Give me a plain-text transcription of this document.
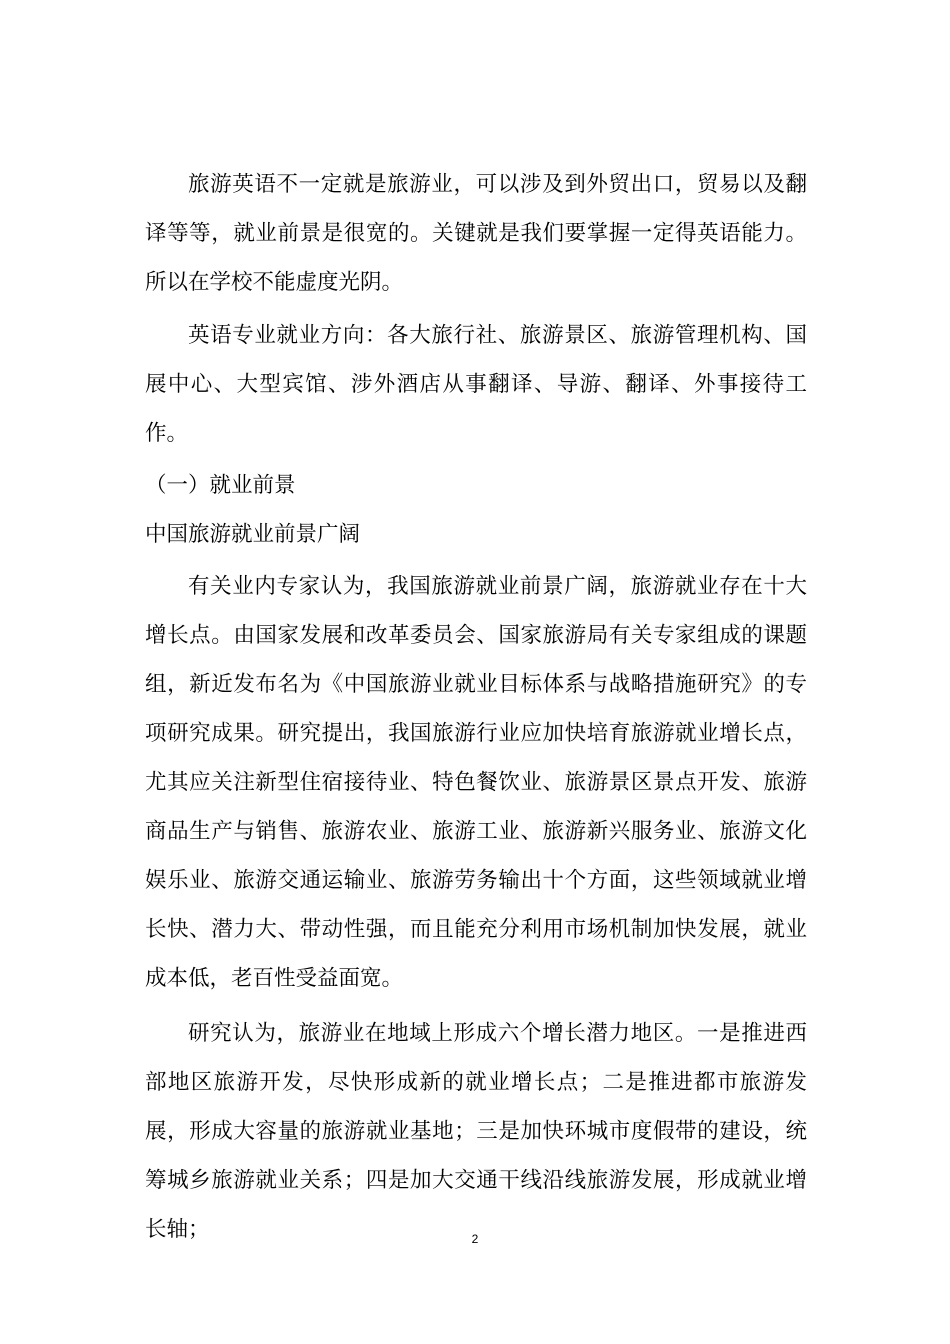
旅游英语不一定就是旅游业，可以涉及到外贸出口，贸易以及翻译等等，就业前景是很宽的。关键就是我们要掌握一定得英语能力。所以在学校不能虚度光阴。

英语专业就业方向：各大旅行社、旅游景区、旅游管理机构、国展中心、大型宾馆、涉外酒店从事翻译、导游、翻译、外事接待工作。

（一）就业前景

中国旅游就业前景广阔

有关业内专家认为，我国旅游就业前景广阔，旅游就业存在十大增长点。由国家发展和改革委员会、国家旅游局有关专家组成的课题组，新近发布名为《中国旅游业就业目标体系与战略措施研究》的专项研究成果。研究提出，我国旅游行业应加快培育旅游就业增长点，尤其应关注新型住宿接待业、特色餐饮业、旅游景区景点开发、旅游商品生产与销售、旅游农业、旅游工业、旅游新兴服务业、旅游文化娱乐业、旅游交通运输业、旅游劳务输出十个方面，这些领域就业增长快、潜力大、带动性强，而且能充分利用市场机制加快发展，就业成本低，老百性受益面宽。

研究认为，旅游业在地域上形成六个增长潜力地区。一是推进西部地区旅游开发，尽快形成新的就业增长点；二是推进都市旅游发展，形成大容量的旅游就业基地；三是加快环城市度假带的建设，统筹城乡旅游就业关系；四是加大交通干线沿线旅游发展，形成就业增长轴；	2
